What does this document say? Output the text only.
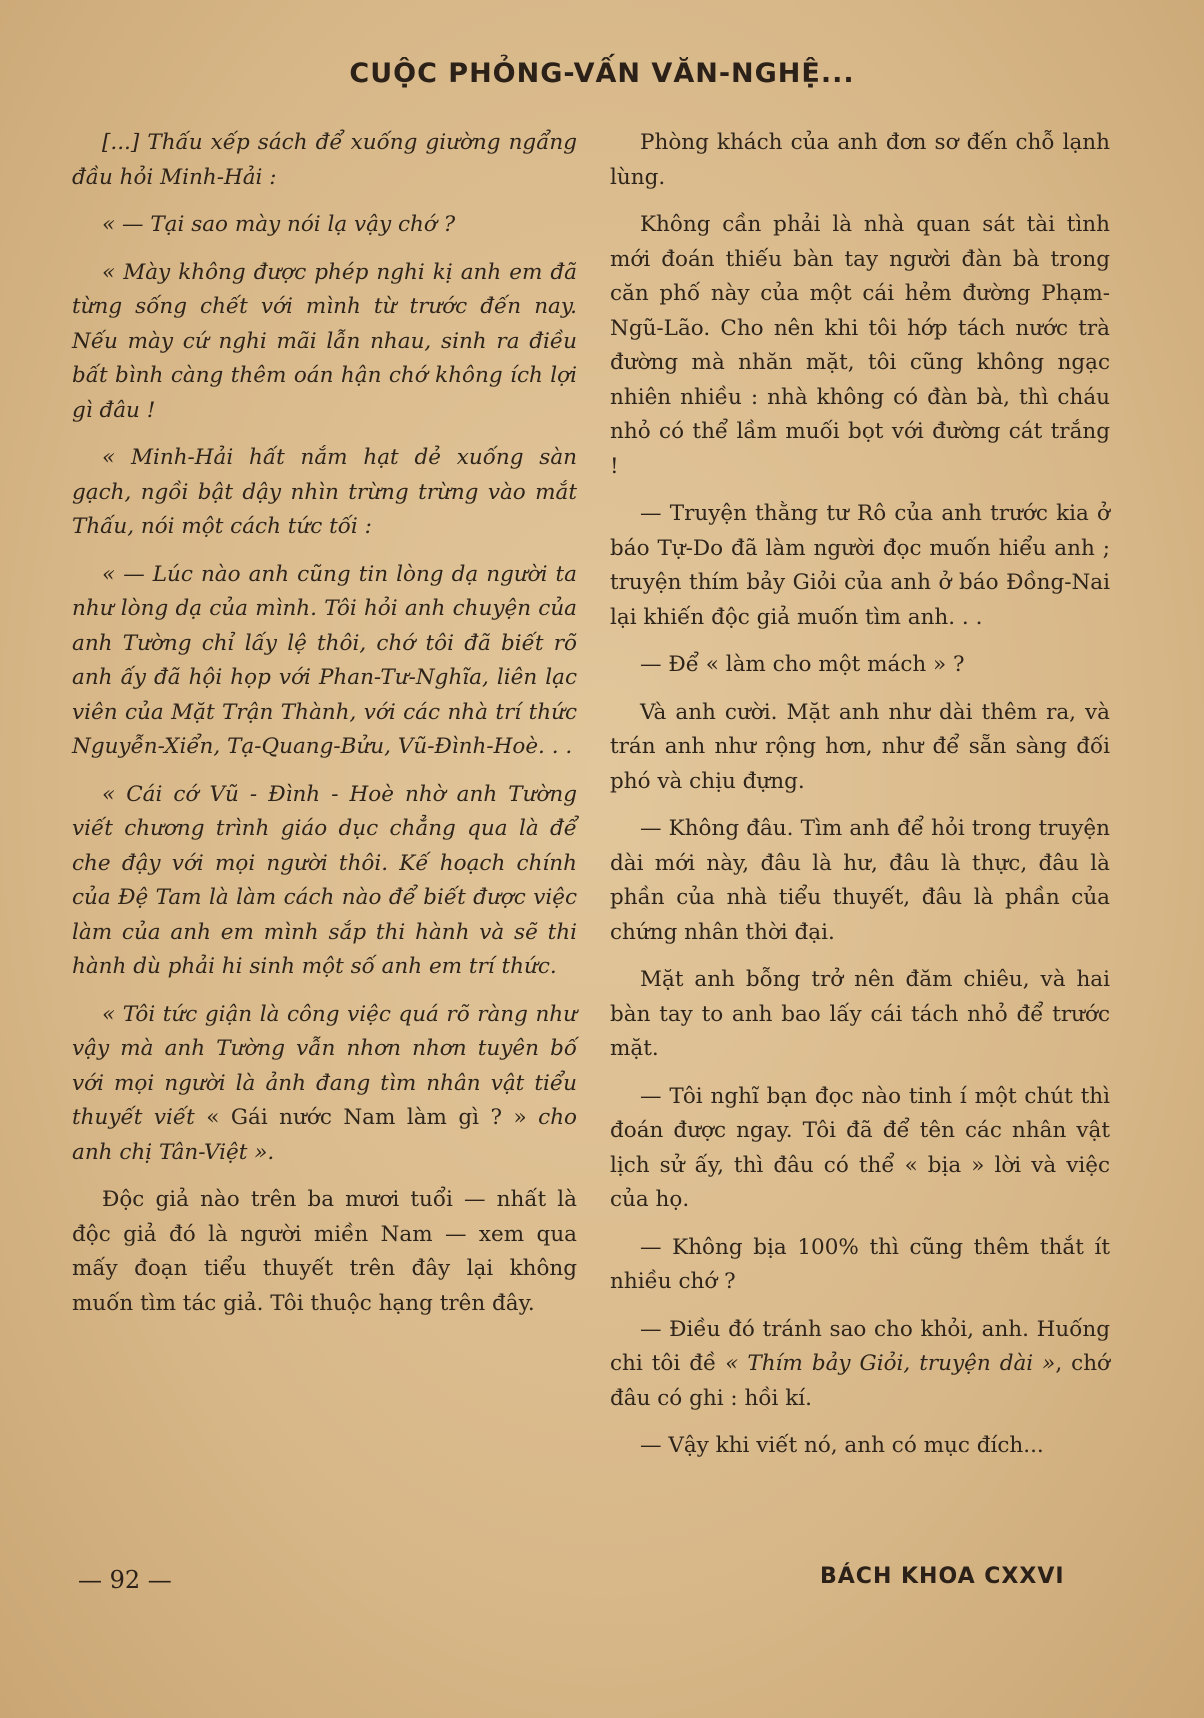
CUỘC PHỎNG-VẤN VĂN-NGHỆ...

[...] Thấu xếp sách để xuống giường ngẩng đầu hỏi Minh-Hải :

« — Tại sao mày nói lạ vậy chớ ?

« Mày không được phép nghi kị anh em đã từng sống chết với mình từ trước đến nay. Nếu mày cứ nghi mãi lẫn nhau, sinh ra điều bất bình càng thêm oán hận chớ không ích lợi gì đâu !

« Minh-Hải hất nắm hạt dẻ xuống sàn gạch, ngồi bật dậy nhìn trừng trừng vào mắt Thấu, nói một cách tức tối :

« — Lúc nào anh cũng tin lòng dạ người ta như lòng dạ của mình. Tôi hỏi anh chuyện của anh Tường chỉ lấy lệ thôi, chớ tôi đã biết rõ anh ấy đã hội họp với Phan-Tư-Nghĩa, liên lạc viên của Mặt Trận Thành, với các nhà trí thức Nguyễn-Xiển, Tạ-Quang-Bửu, Vũ-Đình-Hoè. . .

« Cái cớ Vũ - Đình - Hoè nhờ anh Tường viết chương trình giáo dục chẳng qua là để che đậy với mọi người thôi. Kế hoạch chính của Đệ Tam là làm cách nào để biết được việc làm của anh em mình sắp thi hành và sẽ thi hành dù phải hi sinh một số anh em trí thức.

« Tôi tức giận là công việc quá rõ ràng như vậy mà anh Tường vẫn nhơn nhơn tuyên bố với mọi người là ảnh đang tìm nhân vật tiểu thuyết viết « Gái nước Nam làm gì ? » cho anh chị Tân-Việt ».

Độc giả nào trên ba mươi tuổi — nhất là độc giả đó là người miền Nam — xem qua mấy đoạn tiểu thuyết trên đây lại không muốn tìm tác giả. Tôi thuộc hạng trên đây.

Phòng khách của anh đơn sơ đến chỗ lạnh lùng.

Không cần phải là nhà quan sát tài tình mới đoán thiếu bàn tay người đàn bà trong căn phố này của một cái hẻm đường Phạm-Ngũ-Lão. Cho nên khi tôi hớp tách nước trà đường mà nhăn mặt, tôi cũng không ngạc nhiên nhiều : nhà không có đàn bà, thì cháu nhỏ có thể lầm muối bọt với đường cát trắng !

— Truyện thằng tư Rô của anh trước kia ở báo Tự-Do đã làm người đọc muốn hiểu anh ; truyện thím bảy Giỏi của anh ở báo Đồng-Nai lại khiến độc giả muốn tìm anh. . .

— Để « làm cho một mách » ?

Và anh cười. Mặt anh như dài thêm ra, và trán anh như rộng hơn, như để sẵn sàng đối phó và chịu đựng.

— Không đâu. Tìm anh để hỏi trong truyện dài mới này, đâu là hư, đâu là thực, đâu là phần của nhà tiểu thuyết, đâu là phần của chứng nhân thời đại.

Mặt anh bỗng trở nên đăm chiêu, và hai bàn tay to anh bao lấy cái tách nhỏ để trước mặt.

— Tôi nghĩ bạn đọc nào tinh í một chút thì đoán được ngay. Tôi đã để tên các nhân vật lịch sử ấy, thì đâu có thể « bịa » lời và việc của họ.

— Không bịa 100% thì cũng thêm thắt ít nhiều chớ ?

— Điều đó tránh sao cho khỏi, anh. Huống chi tôi đề « Thím bảy Giỏi, truyện dài », chớ đâu có ghi : hồi kí.

— Vậy khi viết nó, anh có mục đích...

— 92 —	BÁCH KHOA CXXVI
